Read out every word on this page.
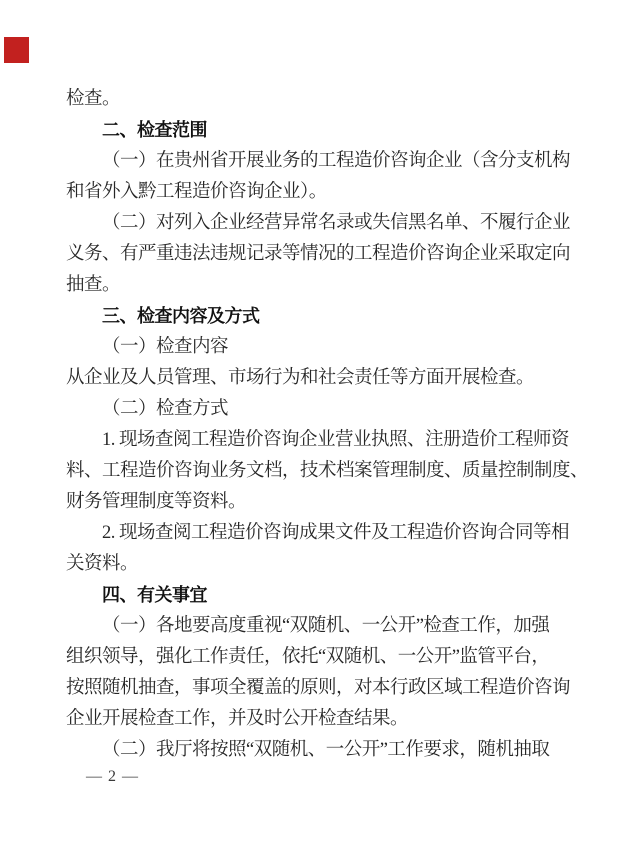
检查。
二、检查范围
（一）在贵州省开展业务的工程造价咨询企业（含分支机构
和省外入黔工程造价咨询企业）。
（二）对列入企业经营异常名录或失信黑名单、不履行企业
义务、有严重违法违规记录等情况的工程造价咨询企业采取定向
抽查。
三、检查内容及方式
（一）检查内容
从企业及人员管理、市场行为和社会责任等方面开展检查。
（二）检查方式
1. 现场查阅工程造价咨询企业营业执照、注册造价工程师资
料、工程造价咨询业务文档，技术档案管理制度、质量控制制度、
财务管理制度等资料。
2. 现场查阅工程造价咨询成果文件及工程造价咨询合同等相
关资料。
四、有关事宜
（一）各地要高度重视“双随机、一公开”检查工作，加强
组织领导，强化工作责任，依托“双随机、一公开”监管平台，
按照随机抽查，事项全覆盖的原则，对本行政区域工程造价咨询
企业开展检查工作，并及时公开检查结果。
（二）我厅将按照“双随机、一公开”工作要求，随机抽取
— 2 —
